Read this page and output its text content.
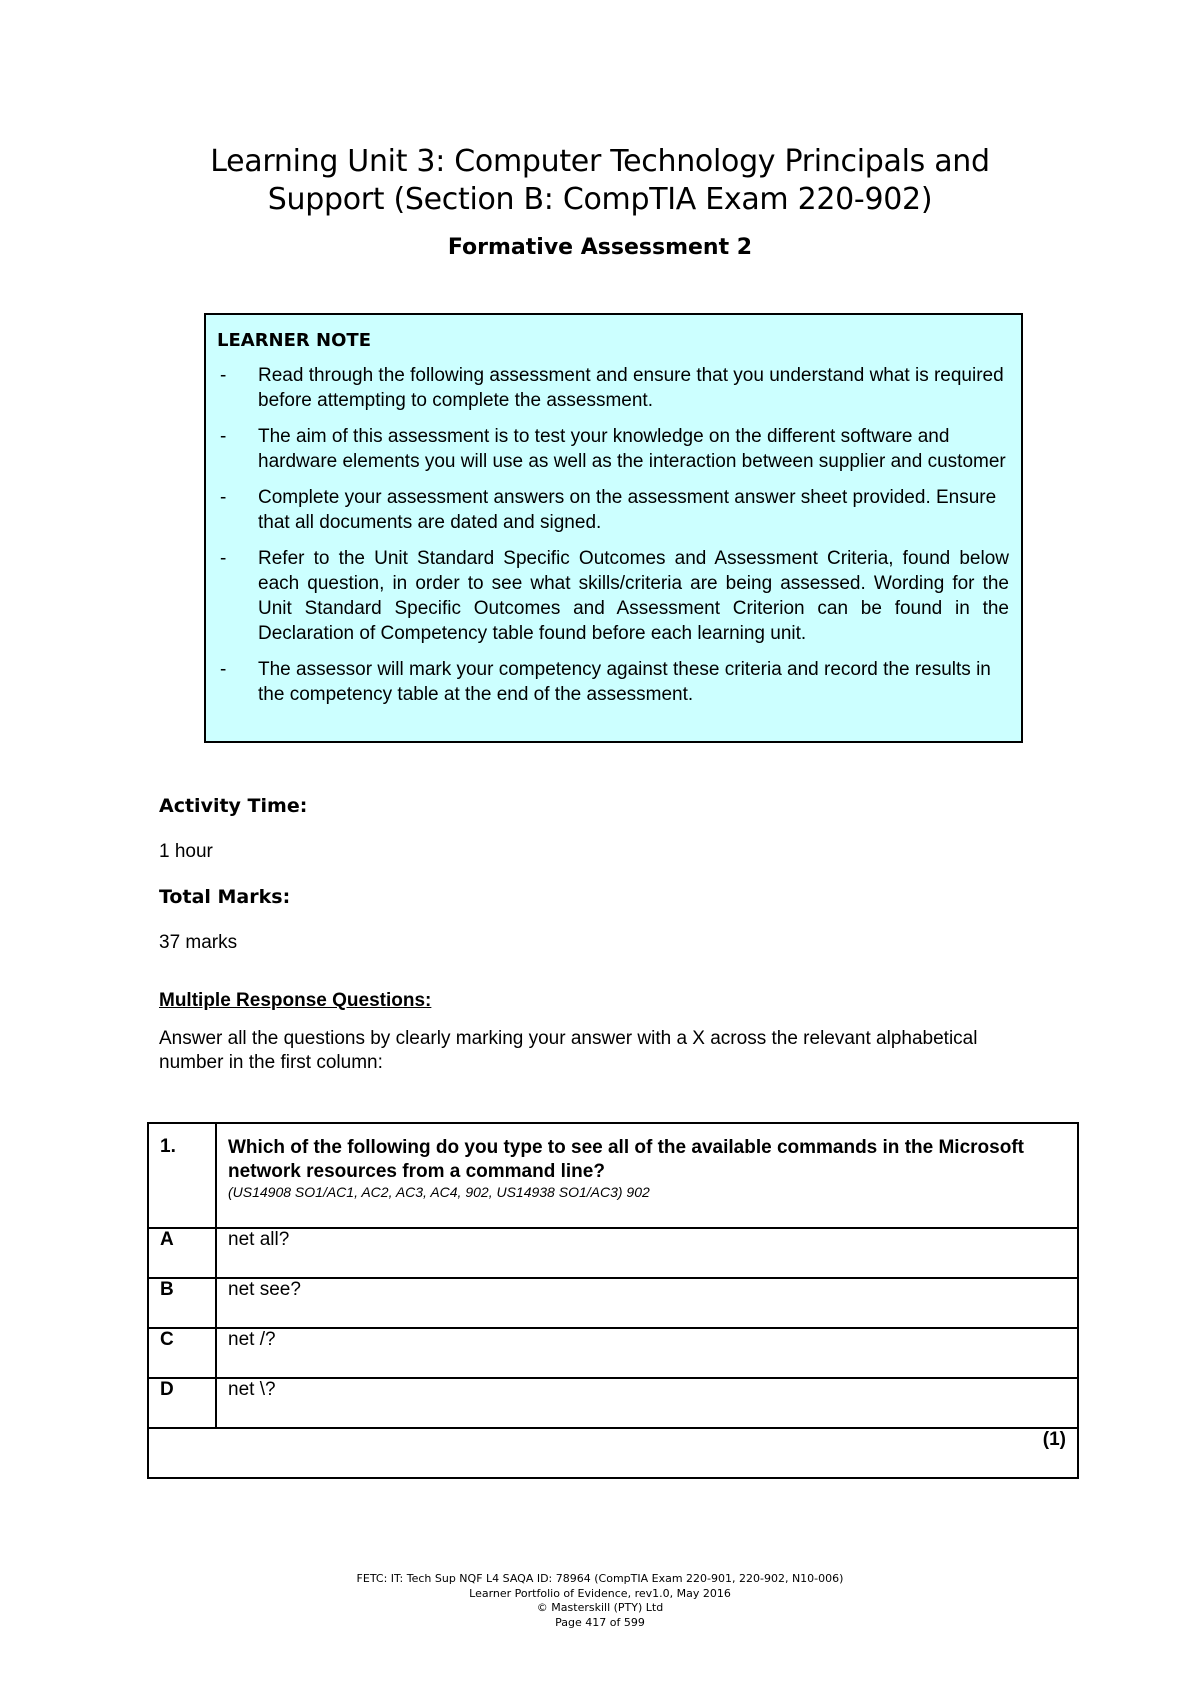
Learning Unit 3: Computer Technology Principals and
Support (Section B: CompTIA Exam 220-902)
Formative Assessment 2
LEARNER NOTE
-	Read through the following assessment and ensure that you understand what is required before attempting to complete the assessment.
-	The aim of this assessment is to test your knowledge on the different software and hardware elements you will use as well as the interaction between supplier and customer
-	Complete your assessment answers on the assessment answer sheet provided. Ensure that all documents are dated and signed.
-	Refer to the Unit Standard Specific Outcomes and Assessment Criteria, found below each question, in order to see what skills/criteria are being assessed. Wording for the Unit Standard Specific Outcomes and Assessment Criterion can be found in the Declaration of Competency table found before each learning unit.
-	The assessor will mark your competency against these criteria and record the results in the competency table at the end of the assessment.
Activity Time:
1 hour
Total Marks:
37 marks
Multiple Response Questions:
Answer all the questions by clearly marking your answer with a X across the relevant alphabetical number in the first column:
1.	Which of the following do you type to see all of the available commands in the Microsoft network resources from a command line?
(US14908 SO1/AC1, AC2, AC3, AC4, 902, US14938 SO1/AC3) 902

A	net all?
B	net see?
C	net /?
D	net \?
(1)	
FETC: IT: Tech Sup NQF L4 SAQA ID: 78964 (CompTIA Exam 220-901, 220-902, N10-006)
Learner Portfolio of Evidence, rev1.0, May 2016
© Masterskill (PTY) Ltd
Page 417 of 599
